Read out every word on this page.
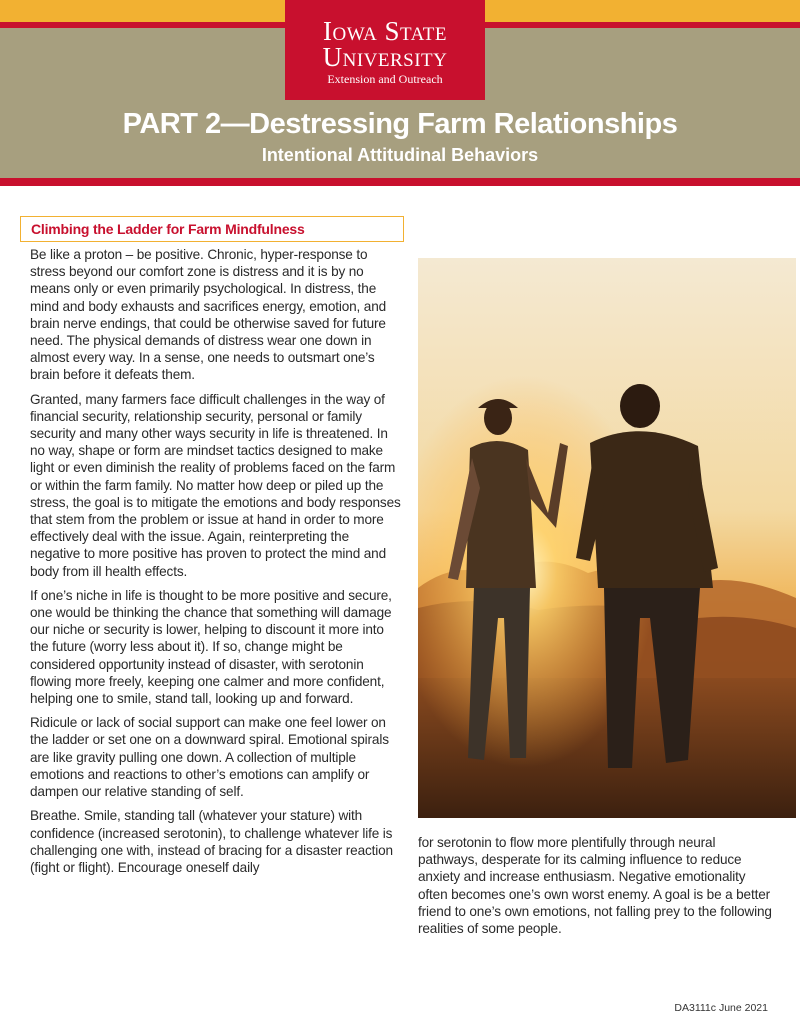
Iowa State
University
Extension and Outreach
PART 2—Destressing Farm Relationships
Intentional Attitudinal Behaviors
Climbing the Ladder for Farm Mindfulness

Be like a proton – be positive. Chronic, hyper-response to stress beyond our comfort zone is distress and it is by no means only or even primarily psychological. In distress, the mind and body exhausts and sacrifices energy, emotion, and brain nerve endings, that could be otherwise saved for future need. The physical demands of distress wear one down in almost every way. In a sense, one needs to outsmart one’s brain before it defeats them.

Granted, many farmers face difficult challenges in the way of financial security, relationship security, personal or family security and many other ways security in life is threatened. In no way, shape or form are mindset tactics designed to make light or even diminish the reality of problems faced on the farm or within the farm family. No matter how deep or piled up the stress, the goal is to mitigate the emotions and body responses that stem from the problem or issue at hand in order to more effectively deal with the issue. Again, reinterpreting the negative to more positive has proven to protect the mind and body from ill health effects.

If one’s niche in life is thought to be more positive and secure, one would be thinking the chance that something will damage our niche or security is lower, helping to discount it more into the future (worry less about it). If so, change might be considered opportunity instead of disaster, with serotonin flowing more freely, keeping one calmer and more confident, helping one to smile, stand tall, looking up and forward.

Ridicule or lack of social support can make one feel lower on the ladder or set one on a downward spiral. Emotional spirals are like gravity pulling one down. A collection of multiple emotions and reactions to other’s emotions can amplify or dampen our relative standing of self.

Breathe. Smile, standing tall (whatever your stature) with confidence (increased serotonin), to challenge whatever life is challenging one with, instead of bracing for a disaster reaction (fight or flight). Encourage oneself daily

for serotonin to flow more plentifully through neural pathways, desperate for its calming influence to reduce anxiety and increase enthusiasm. Negative emotionality often becomes one’s own worst enemy. A goal is be a better friend to one’s own emotions, not falling prey to the following realities of some people.

DA3111c June 2021
